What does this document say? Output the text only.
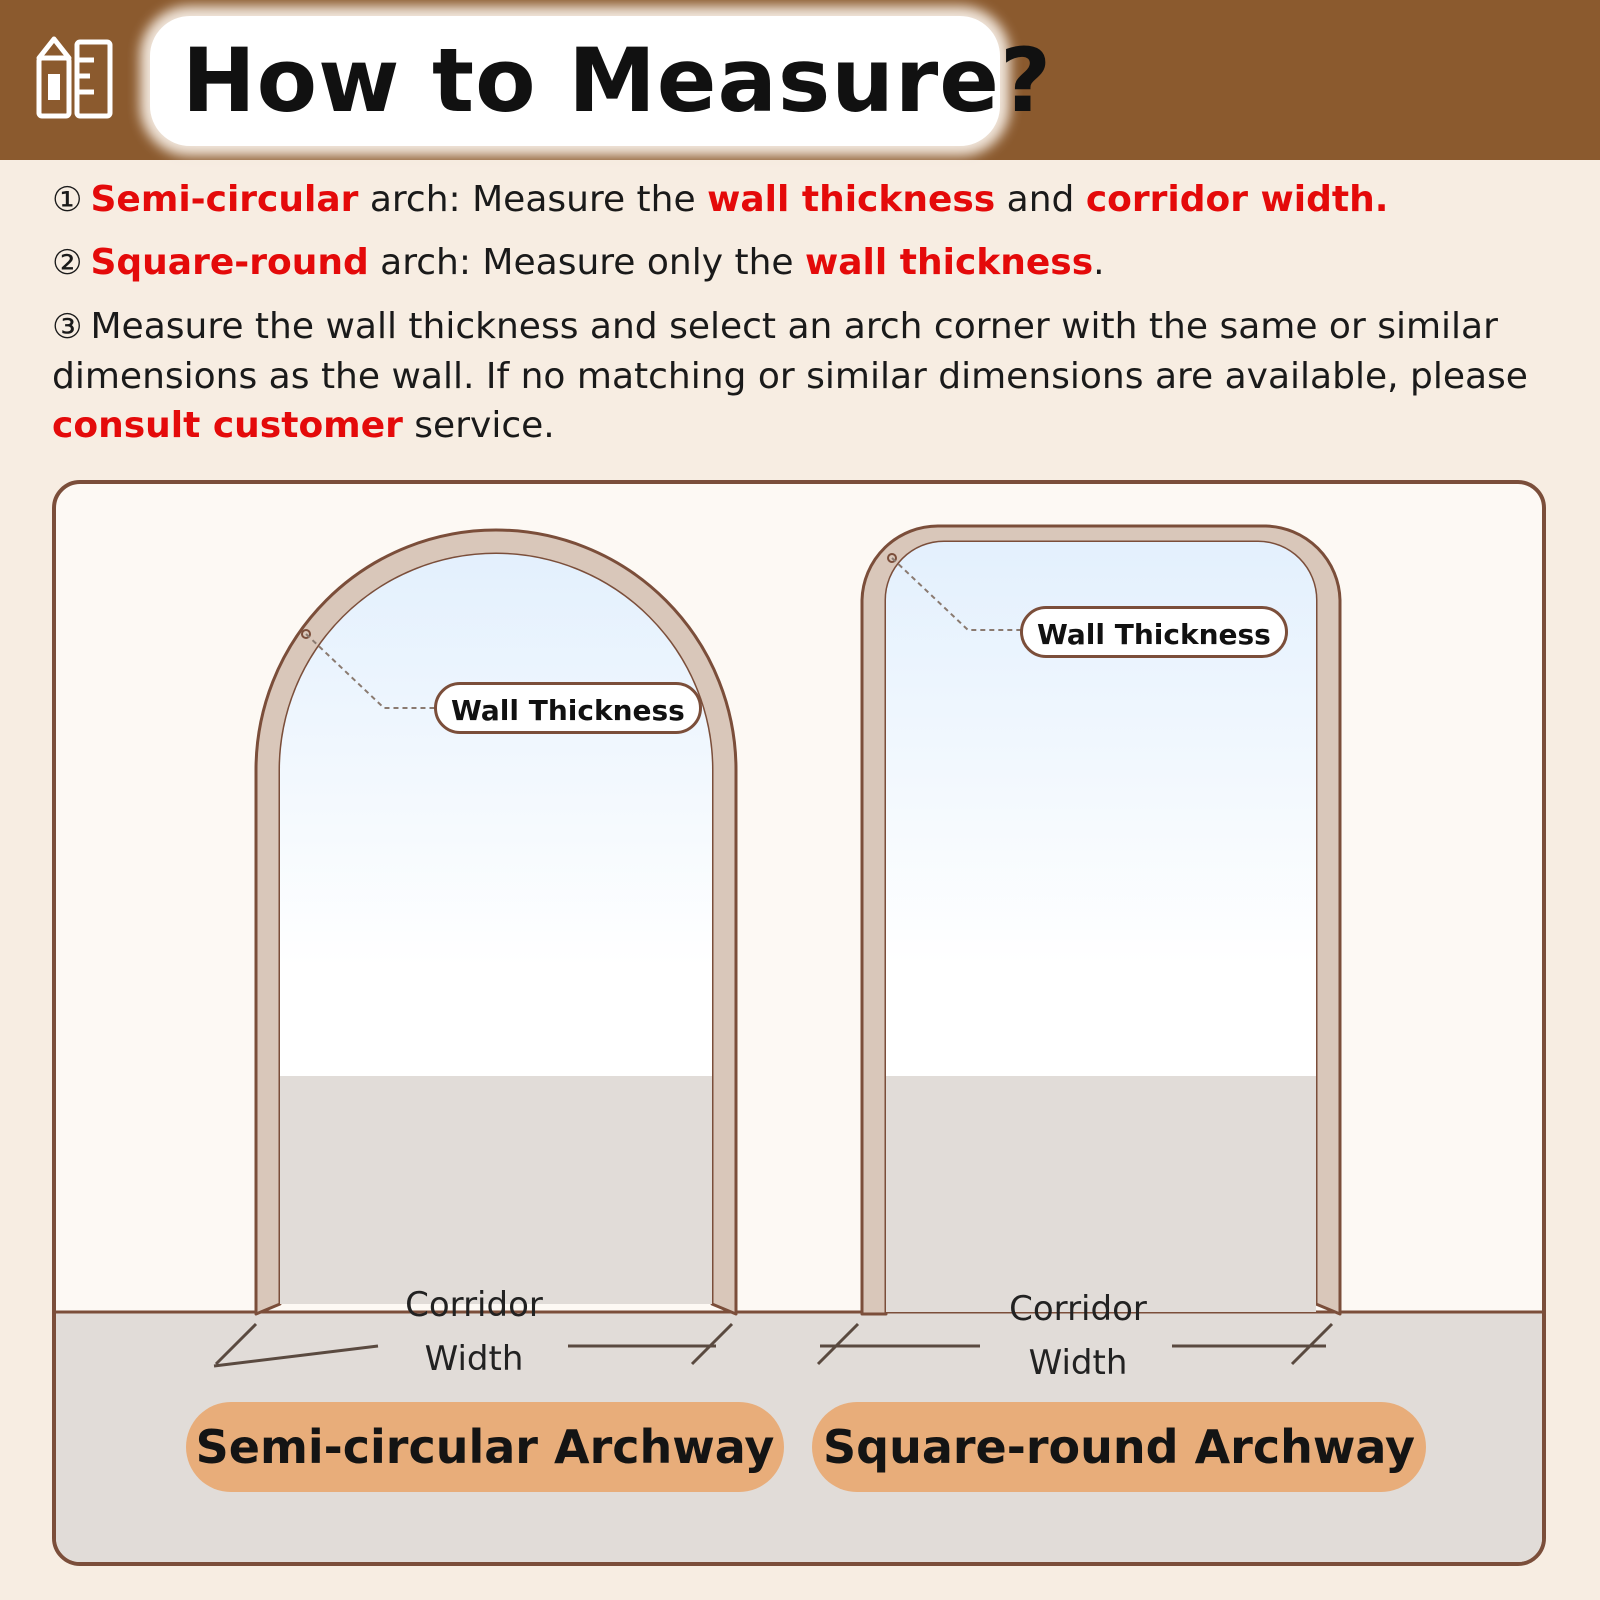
How to Measure?
① Semi-circular arch: Measure the wall thickness and corridor width.
② Square-round arch: Measure only the wall thickness.
③ Measure the wall thickness and select an arch corner with the same or similar dimensions as the wall. If no matching or similar dimensions are available, please consult customer service.
Wall Thickness
Wall Thickness
Corridor
Width
Corridor
Width
Semi-circular Archway Square-round Archway
